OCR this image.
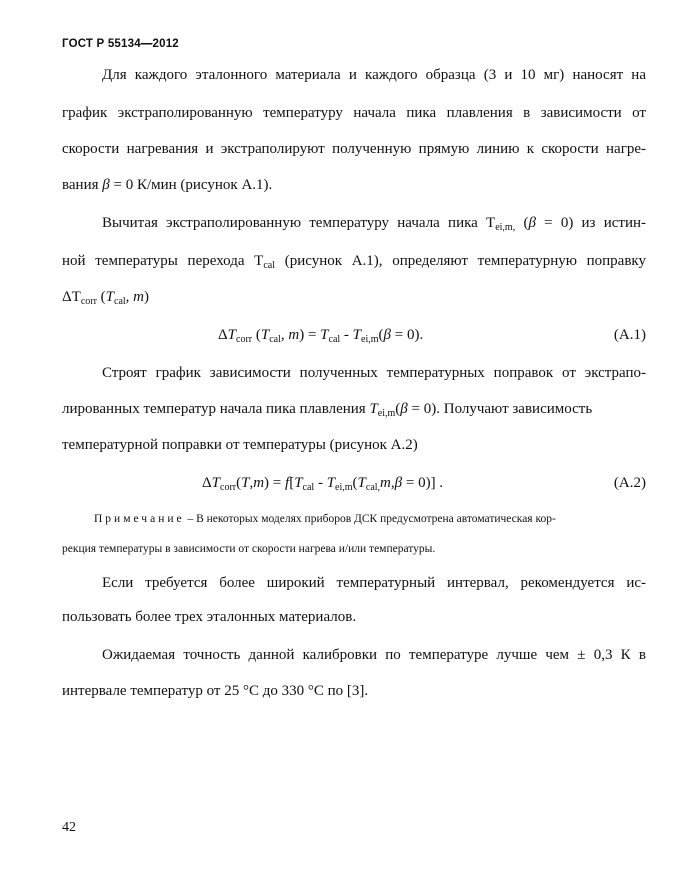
ГОСТ Р 55134—2012
Для каждого эталонного материала и каждого образца (3 и 10 мг) наносят на
график экстраполированную температуру начала пика плавления в зависимости от
скорости нагревания и экстраполируют полученную прямую линию к скорости нагре-
вания β = 0 К/мин (рисунок А.1).
Вычитая экстраполированную температуру начала пика $T_{ei,m,}$ (β = 0) из истин-
ной температуры перехода $T_{cal}$ (рисунок А.1), определяют температурную поправку
$\Delta T_{corr}$ ($T_{cal}$, m)
$\Delta T_{corr}$ ($T_{cal}$, $m) = T_{cal} - T_{ei,m}(\beta = 0)$.	(А.1)
Строят график зависимости полученных температурных поправок от экстрапо-
лированных температур начала пика плавления $T_{ei,m}(\beta = 0)$. Получают зависимость
температурной поправки от температуры (рисунок А.2)
$\Delta T_{corr}(T,m) = f[T_{cal} - T_{ei,m}(T_{cal,}m,\beta = 0)]$ .	(А.2)
Примечание – В некоторых моделях приборов ДСК предусмотрена автоматическая кор-
рекция температуры в зависимости от скорости нагрева и/или температуры.
Если требуется более широкий температурный интервал, рекомендуется ис-
пользовать более трех эталонных материалов.
Ожидаемая точность данной калибровки по температуре лучше чем ± 0,3 К в
интервале температур от 25 °С до 330 °С по [3].
42
